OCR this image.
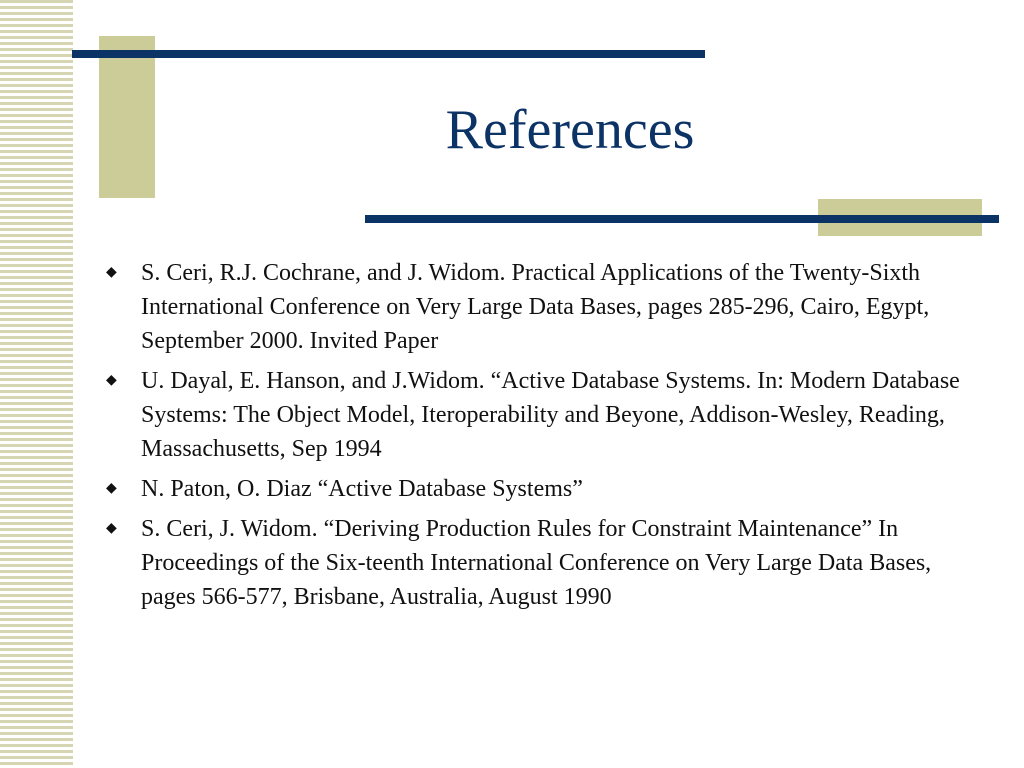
References
◆ S. Ceri, R.J. Cochrane, and J. Widom. Practical Applications of the Twenty-Sixth International Conference on Very Large Data Bases, pages 285-296, Cairo, Egypt, September 2000. Invited Paper
◆ U. Dayal, E. Hanson, and J.Widom. “Active Database Systems. In: Modern Database Systems: The Object Model, Iteroperability and Beyone, Addison-Wesley, Reading, Massachusetts, Sep 1994
◆ N. Paton, O. Diaz “Active Database Systems”
◆ S. Ceri, J. Widom. “Deriving Production Rules for Constraint Maintenance” In Proceedings of the Six-teenth International Conference on Very Large Data Bases, pages 566-577, Brisbane, Australia, August 1990
